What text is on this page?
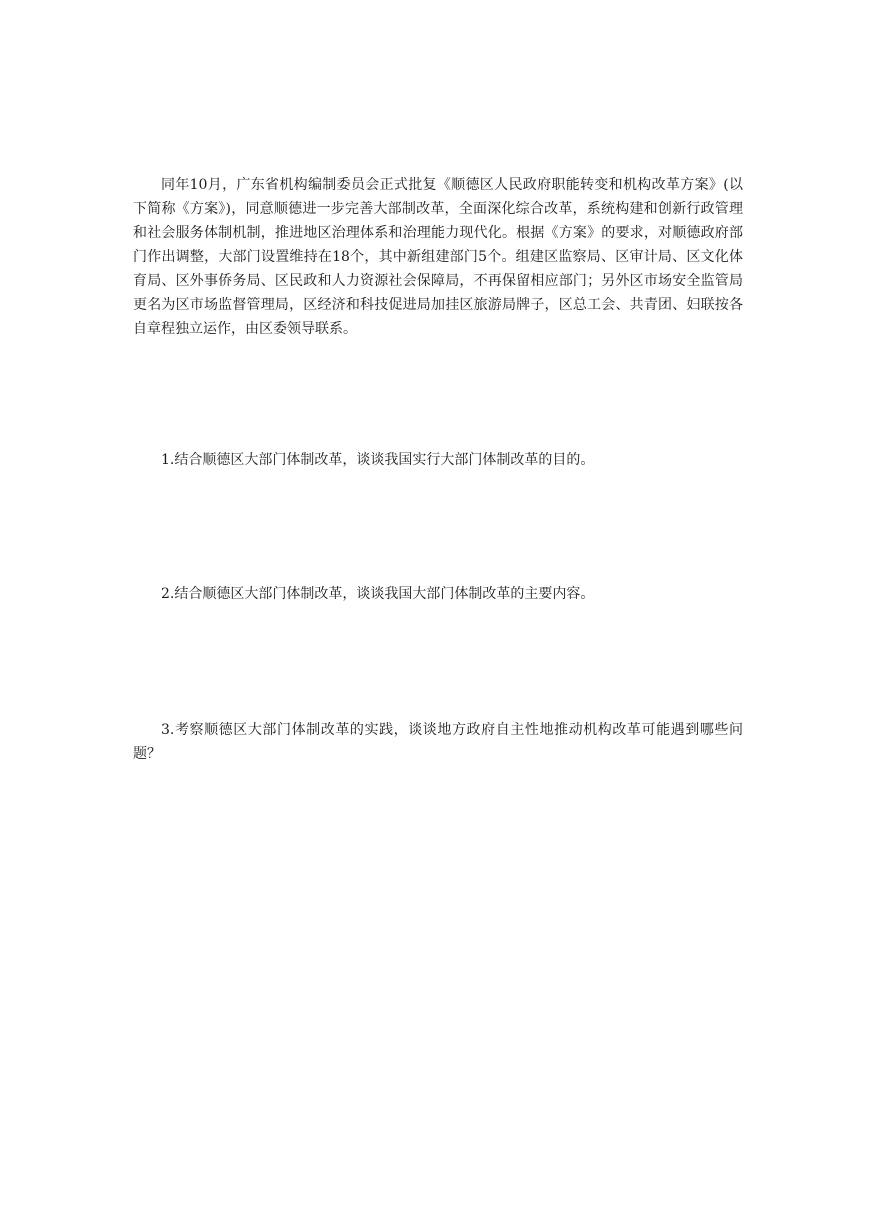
同年10月，广东省机构编制委员会正式批复《顺德区人民政府职能转变和机构改革方案》(以下简称《方案》)，同意顺德进一步完善大部制改革，全面深化综合改革，系统构建和创新行政管理和社会服务体制机制，推进地区治理体系和治理能力现代化。根据《方案》的要求，对顺德政府部门作出调整，大部门设置维持在18个，其中新组建部门5个。组建区监察局、区审计局、区文化体育局、区外事侨务局、区民政和人力资源社会保障局，不再保留相应部门；另外区市场安全监管局更名为区市场监督管理局，区经济和科技促进局加挂区旅游局牌子，区总工会、共青团、妇联按各自章程独立运作，由区委领导联系。

1.结合顺德区大部门体制改革，谈谈我国实行大部门体制改革的目的。

2.结合顺德区大部门体制改革，谈谈我国大部门体制改革的主要内容。

3.考察顺德区大部门体制改革的实践，谈谈地方政府自主性地推动机构改革可能遇到哪些问题？
